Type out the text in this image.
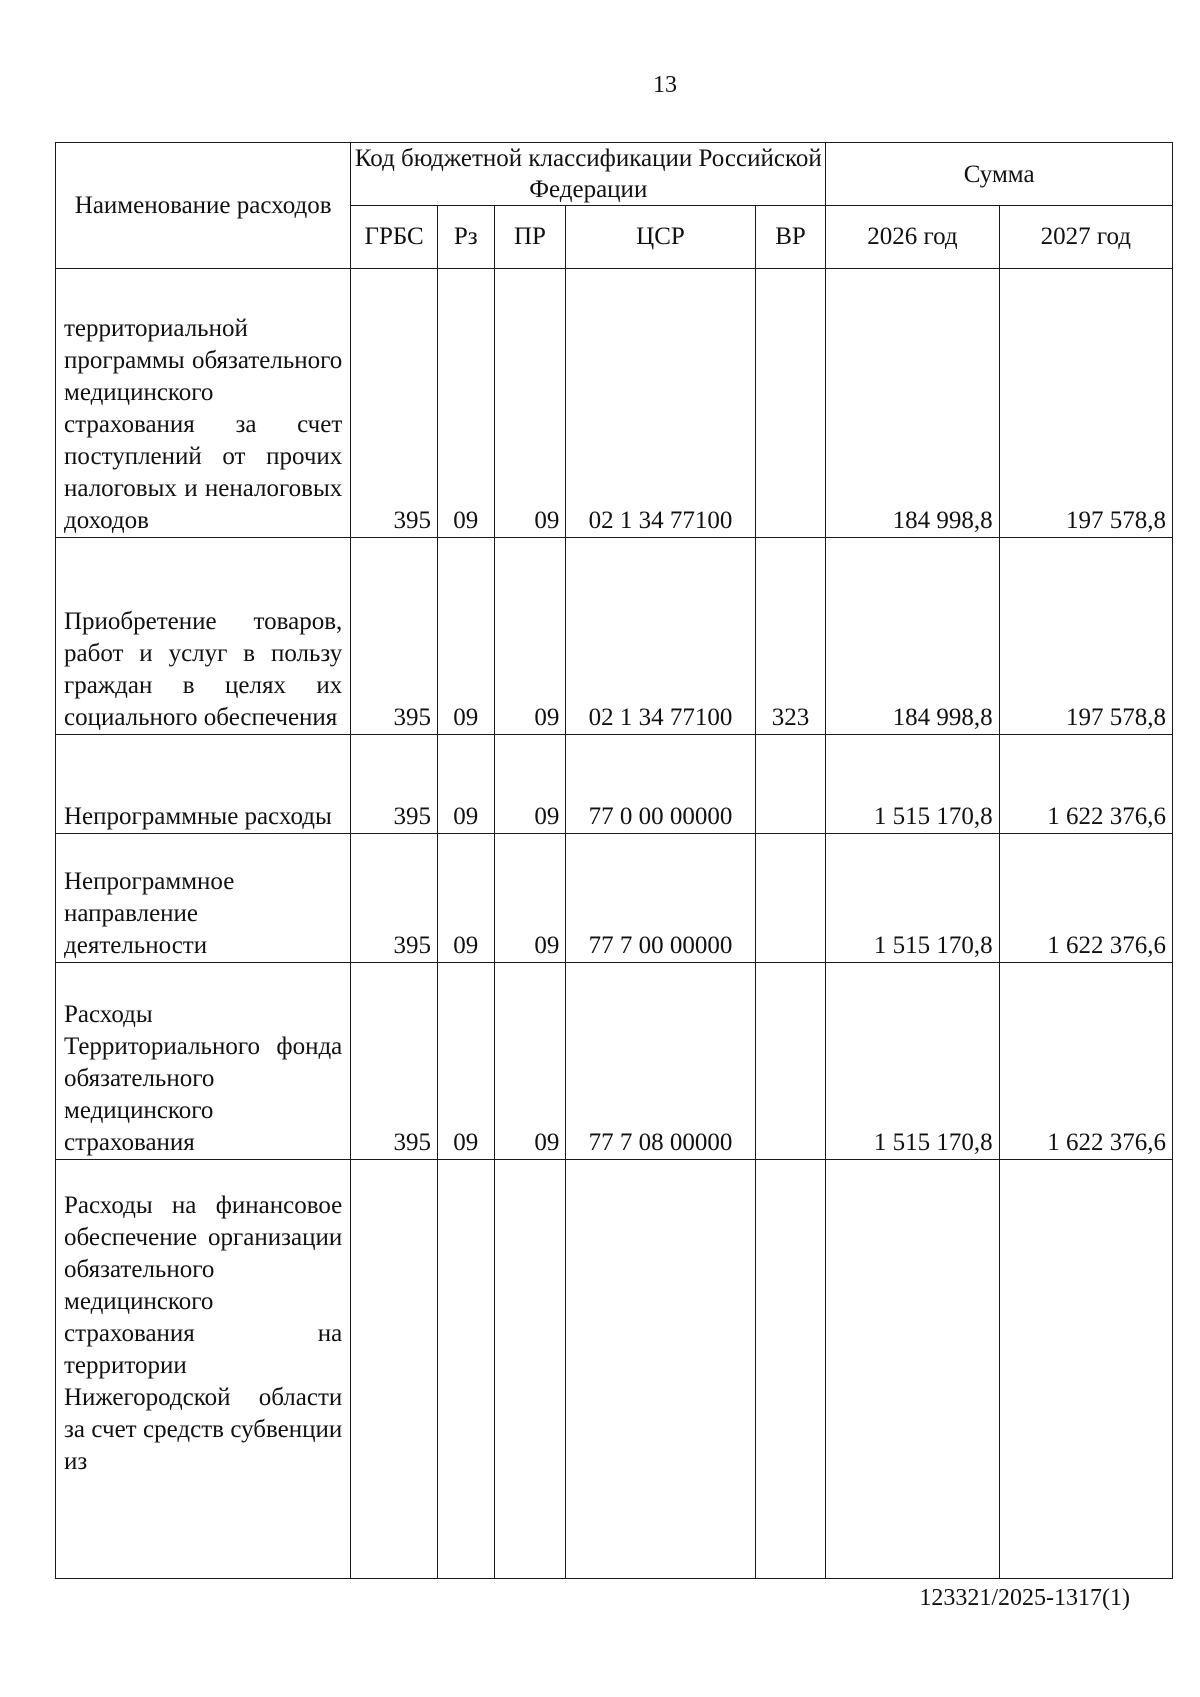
13
Наименование расходов	Код бюджетной классификации Российской Федерации					Сумма	
	ГРБС	Рз	ПР	ЦСР	ВР	2026 год	2027 год
территориальной программы обязательного медицинского страхования за счет поступлений от прочих налоговых и неналоговых доходов	395	09	09	02 1 34 77100		184 998,8	197 578,8
Приобретение товаров, работ и услуг в пользу граждан в целях их социального обеспечения	395	09	09	02 1 34 77100	323	184 998,8	197 578,8
Непрограммные расходы	395	09	09	77 0 00 00000		1 515 170,8	1 622 376,6
Непрограммное направление деятельности	395	09	09	77 7 00 00000		1 515 170,8	1 622 376,6
Расходы Территориального фонда обязательного медицинского страхования	395	09	09	77 7 08 00000		1 515 170,8	1 622 376,6
Расходы на финансовое обеспечение организации обязательного медицинского страхования на территории Нижегородской области за счет средств субвенции из							
123321/2025-1317(1)
